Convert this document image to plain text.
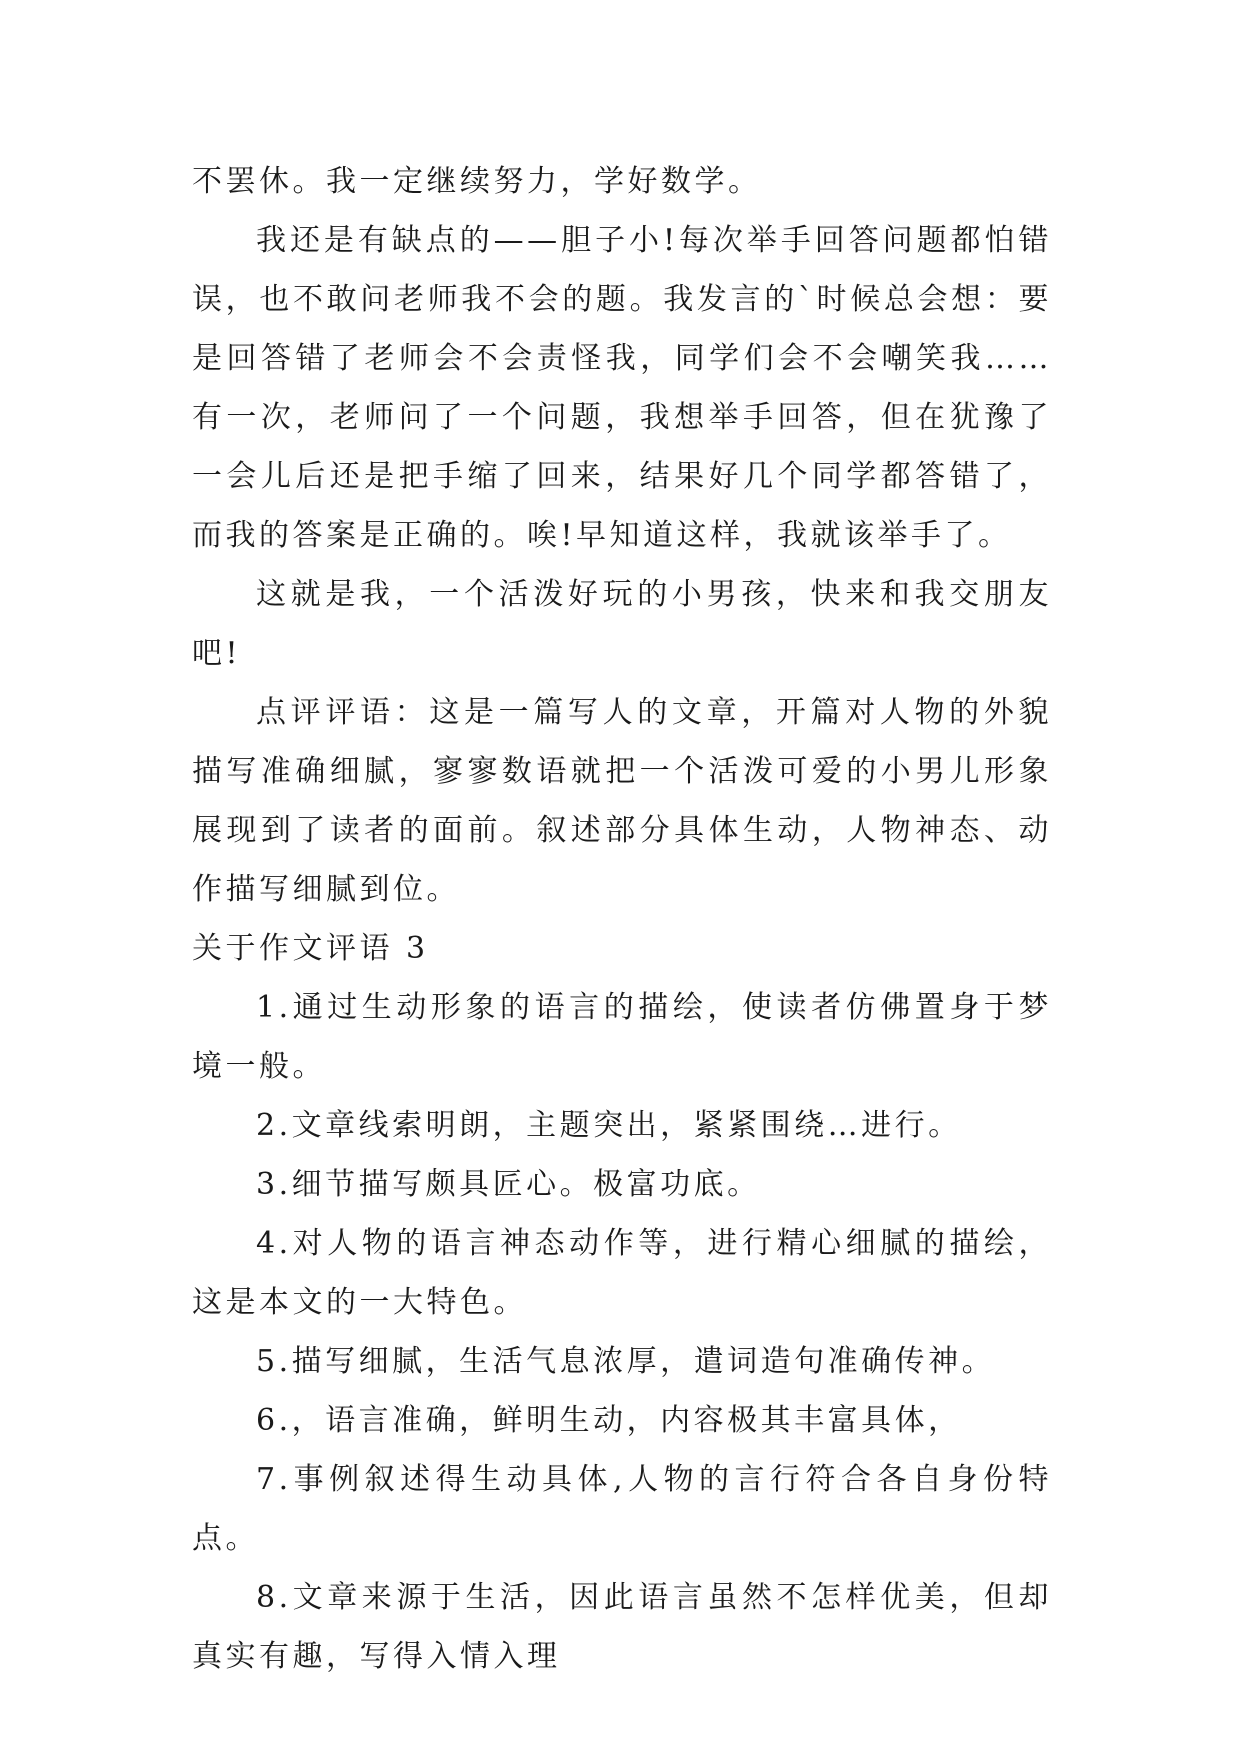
不罢休。我一定继续努力，学好数学。

我还是有缺点的——胆子小!每次举手回答问题都怕错误，也不敢问老师我不会的题。我发言的`时候总会想：要是回答错了老师会不会责怪我，同学们会不会嘲笑我……有一次，老师问了一个问题，我想举手回答，但在犹豫了一会儿后还是把手缩了回来，结果好几个同学都答错了，而我的答案是正确的。唉!早知道这样，我就该举手了。

这就是我，一个活泼好玩的小男孩，快来和我交朋友吧!

点评评语：这是一篇写人的文章，开篇对人物的外貌描写准确细腻，寥寥数语就把一个活泼可爱的小男儿形象展现到了读者的面前。叙述部分具体生动，人物神态、动作描写细腻到位。

关于作文评语 3

1.通过生动形象的语言的描绘，使读者仿佛置身于梦境一般。

2.文章线索明朗，主题突出，紧紧围绕…进行。

3.细节描写颇具匠心。极富功底。

4.对人物的语言神态动作等，进行精心细腻的描绘，这是本文的一大特色。

5.描写细腻，生活气息浓厚，遣词造句准确传神。

6.，语言准确，鲜明生动，内容极其丰富具体，

7.事例叙述得生动具体,人物的言行符合各自身份特点。

8.文章来源于生活，因此语言虽然不怎样优美，但却真实有趣，写得入情入理
